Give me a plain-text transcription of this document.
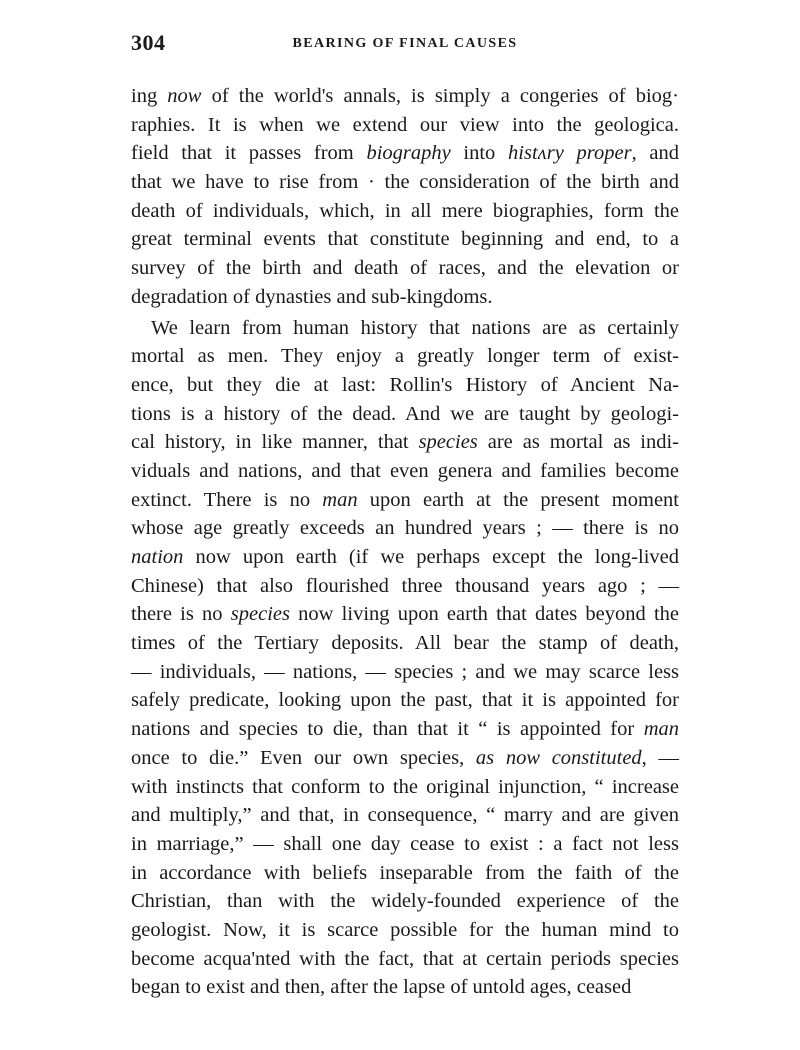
304	BEARING OF FINAL CAUSES
ing now of the world's annals, is simply a congeries of biog·
raphies. It is when we extend our view into the geologica.
field that it passes from biography into histʌry proper, and
that we have to rise from · the consideration of the birth and
death of individuals, which, in all mere biographies, form the
great terminal events that constitute beginning and end, to a
survey of the birth and death of races, and the elevation or
degradation of dynasties and sub-kingdoms.
We learn from human history that nations are as certainly
mortal as men. They enjoy a greatly longer term of exist-
ence, but they die at last: Rollin's History of Ancient Na-
tions is a history of the dead. And we are taught by geologi-
cal history, in like manner, that species are as mortal as indi-
viduals and nations, and that even genera and families become
extinct. There is no man upon earth at the present moment
whose age greatly exceeds an hundred years ; — there is no
nation now upon earth (if we perhaps except the long-lived
Chinese) that also flourished three thousand years ago ; —
there is no species now living upon earth that dates beyond the
times of the Tertiary deposits. All bear the stamp of death,
— individuals, — nations, — species ; and we may scarce less
safely predicate, looking upon the past, that it is appointed for
nations and species to die, than that it “ is appointed for man
once to die.” Even our own species, as now constituted, —
with instincts that conform to the original injunction, “ increase
and multiply,” and that, in consequence, “ marry and are given
in marriage,” — shall one day cease to exist : a fact not less
in accordance with beliefs inseparable from the faith of the
Christian, than with the widely-founded experience of the
geologist. Now, it is scarce possible for the human mind to
become acqua'nted with the fact, that at certain periods species
began to exist and then, after the lapse of untold ages, ceased
